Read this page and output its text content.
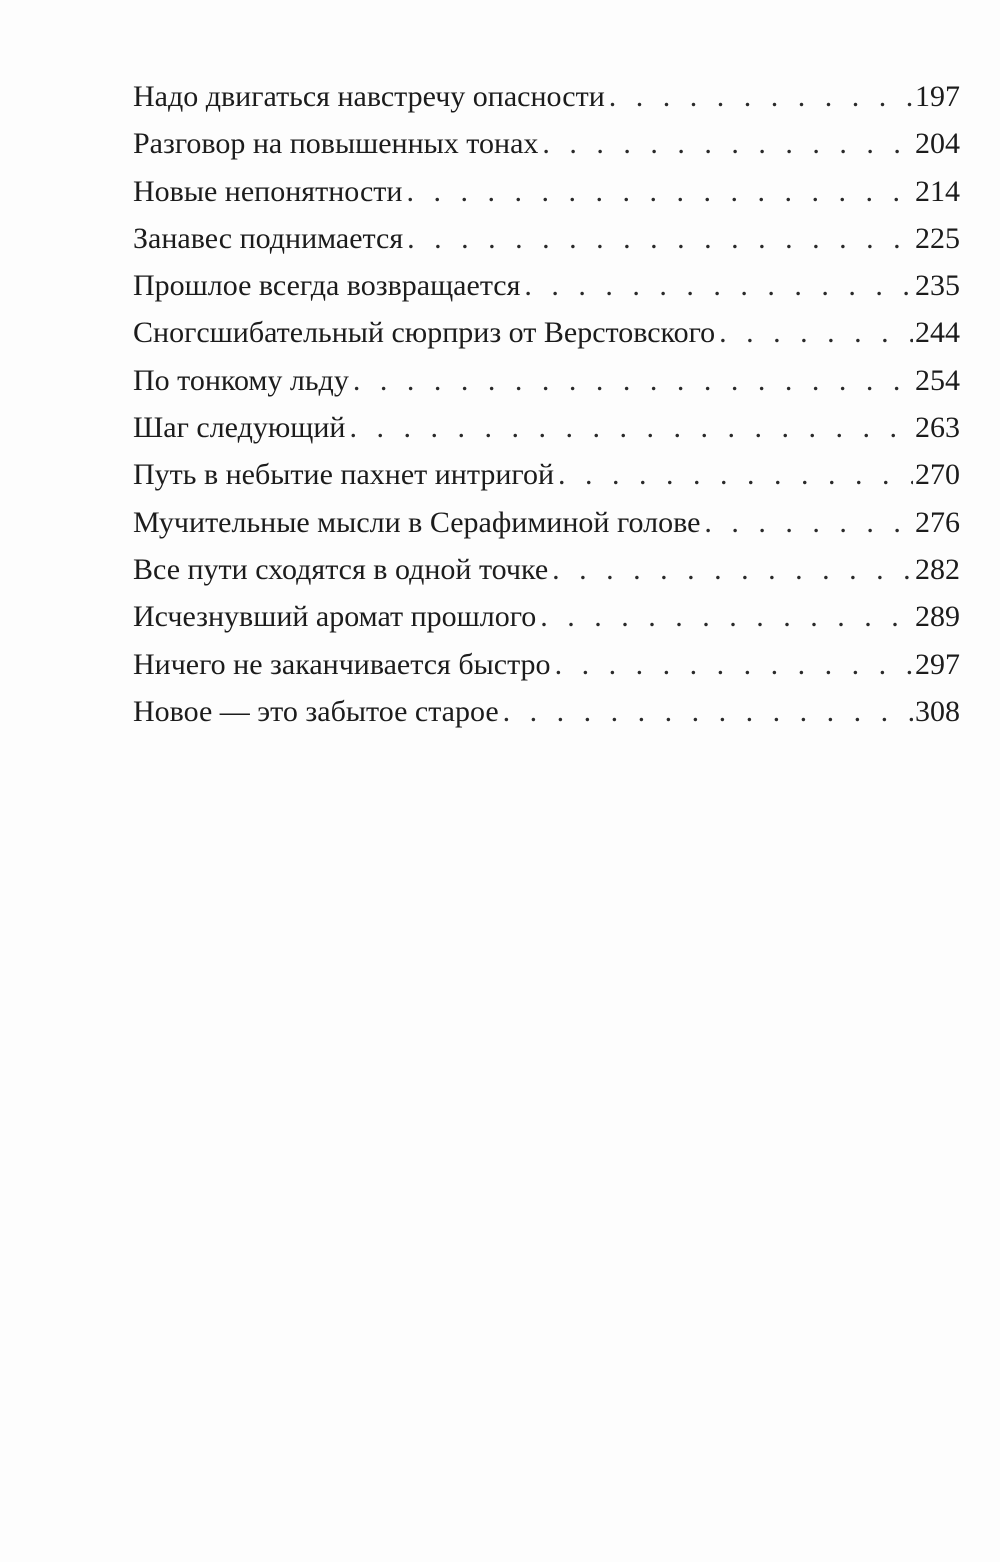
Надо двигаться навстречу опасности . . .	197
Разговор на повышенных тонах . . .	204
Новые непонятности . . .	214
Занавес поднимается . . .	225
Прошлое всегда возвращается . . .	235
Сногсшибательный сюрприз от Верстовского . . .	244
По тонкому льду . . .	254
Шаг следующий . . .	263
Путь в небытие пахнет интригой . . .	270
Мучительные мысли в Серафиминой голове . . .	276
Все пути сходятся в одной точке . . .	282
Исчезнувший аромат прошлого . . .	289
Ничего не заканчивается быстро . . .	297
Новое — это забытое старое . . .	308
